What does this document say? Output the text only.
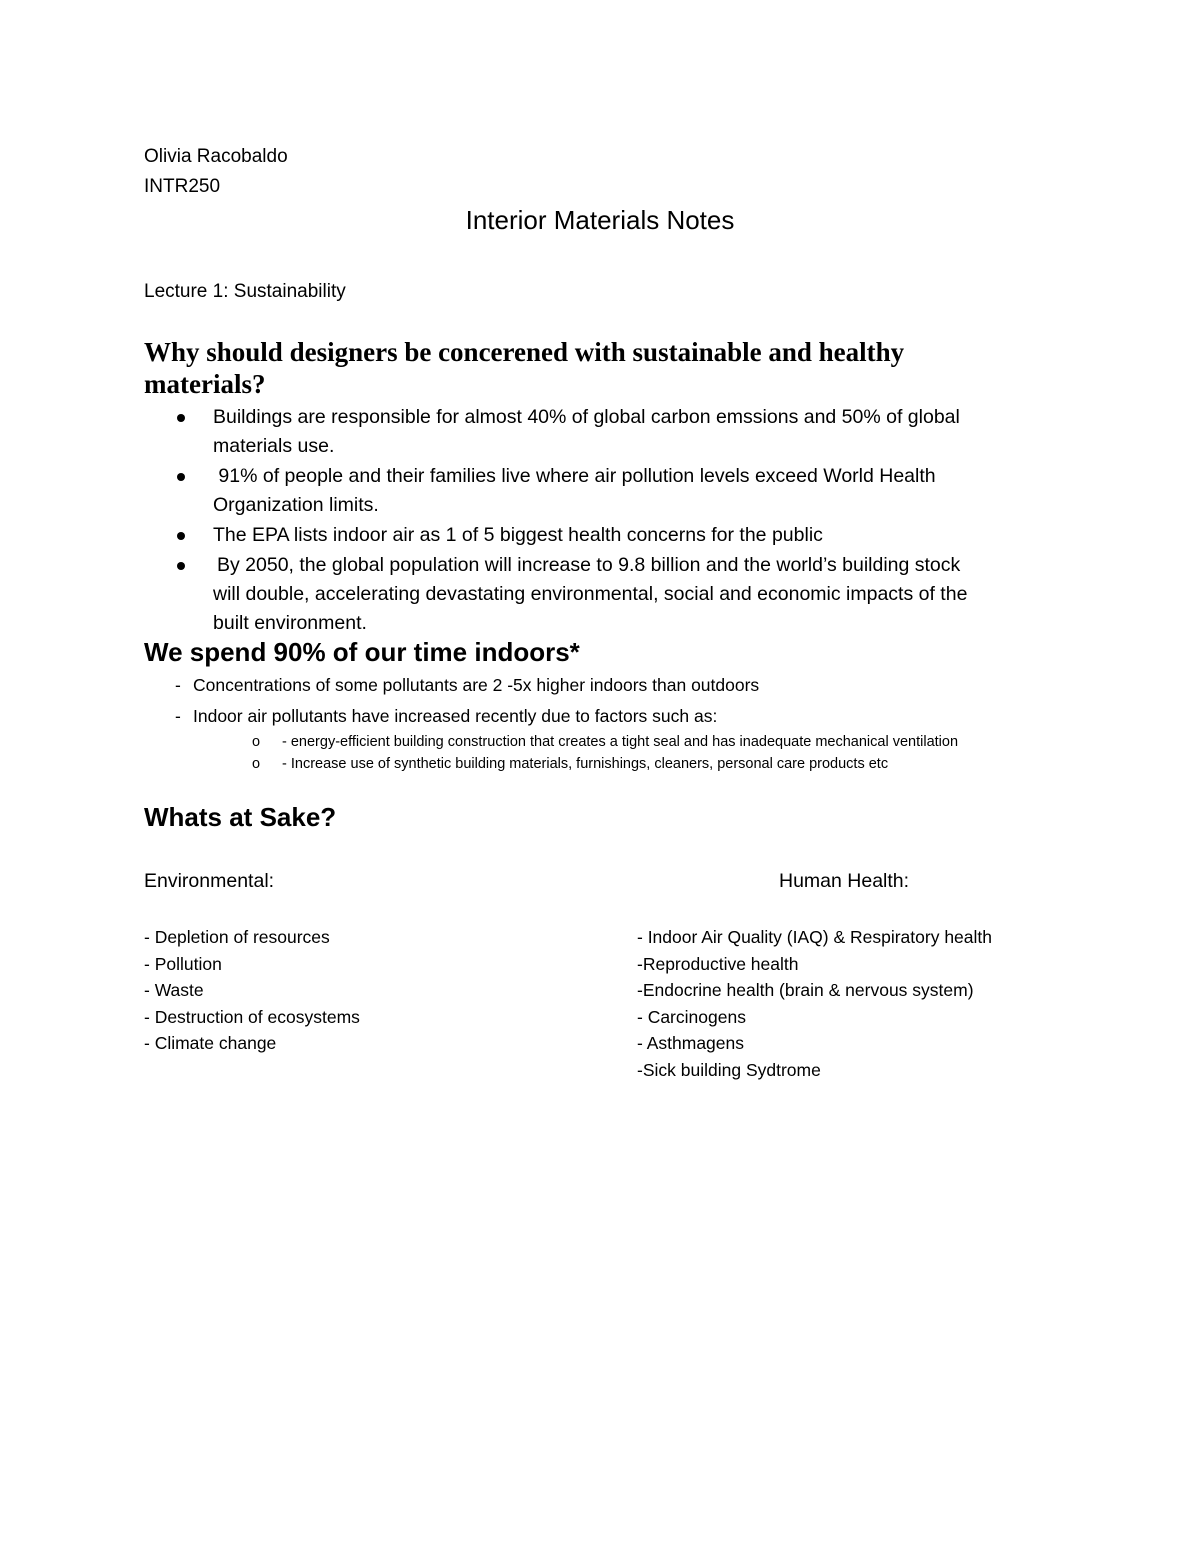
Olivia Racobaldo
INTR250
Interior Materials Notes
Lecture 1: Sustainability
Why should designers be concerened with sustainable and healthy
materials?
Buildings are responsible for almost 40% of global carbon emssions and 50% of global
materials use.
91% of people and their families live where air pollution levels exceed World Health
Organization limits.
The EPA lists indoor air as 1 of 5 biggest health concerns for the public
By 2050, the global population will increase to 9.8 billion and the world’s building stock
will double, accelerating devastating environmental, social and economic impacts of the
built environment.
We spend 90% of our time indoors*
- Concentrations of some pollutants are 2 -5x higher indoors than outdoors
- Indoor air pollutants have increased recently due to factors such as:
o - energy-efficient building construction that creates a tight seal and has inadequate mechanical ventilation
o - Increase use of synthetic building materials, furnishings, cleaners, personal care products etc
Whats at Sake?
Environmental:	Human Health:
- Depletion of resources
- Pollution
- Waste
- Destruction of ecosystems
- Climate change
- Indoor Air Quality (IAQ) & Respiratory health
-Reproductive health
-Endocrine health (brain & nervous system)
- Carcinogens
- Asthmagens
-Sick building Sydtrome
